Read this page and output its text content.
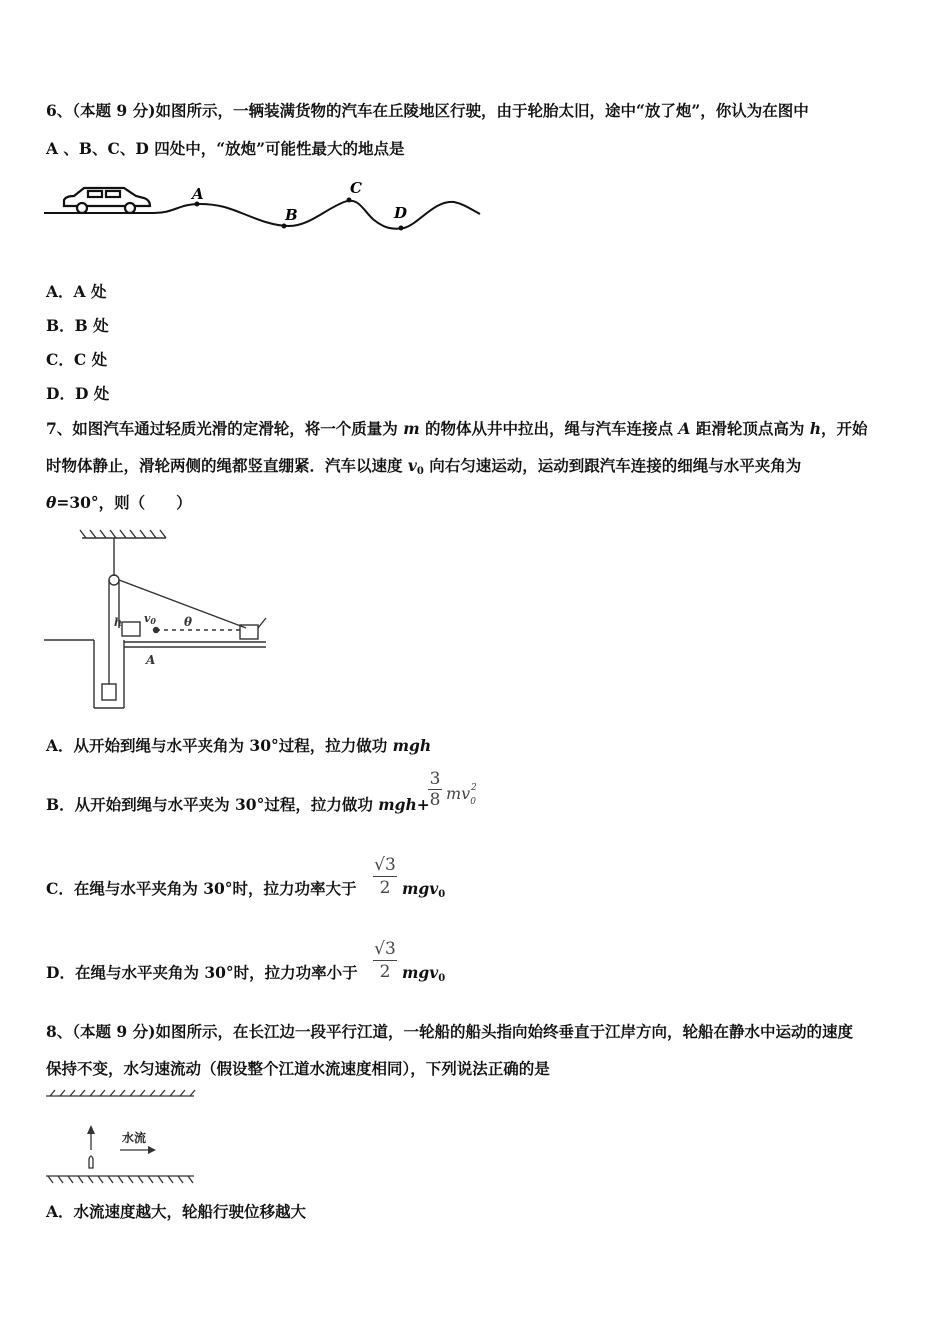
6、（本题 9 分)如图所示，一辆装满货物的汽车在丘陵地区行驶，由于轮胎太旧，途中“放了炮”，你认为在图中
A 、B、C、D 四处中，“放炮”可能性最大的地点是
A
B
C
D
A．A 处
B．B 处
C．C 处
D．D 处
7、如图汽车通过轻质光滑的定滑轮，将一个质量为 m 的物体从井中拉出，绳与汽车连接点 A 距滑轮顶点高为 h，开始
时物体静止，滑轮两侧的绳都竖直绷紧．汽车以速度 $v_0$ 向右匀速运动，运动到跟汽车连接的细绳与水平夹角为
θ=30°，则（　　）
h v0 θ
A
A．从开始到绳与水平夹角为 30°过程，拉力做功 mgh
B．从开始到绳与水平夹为 30°过程，拉力做功 mgh+
$\frac{3}{8} mv_0^2$
C．在绳与水平夹角为 30°时，拉力功率大于 $\frac{√3}{2} mgv_0$
D．在绳与水平夹角为 30°时，拉力功率小于 $\frac{√3}{2} mgv_0$
8、（本题 9 分)如图所示，在长江边一段平行江道，一轮船的船头指向始终垂直于江岸方向，轮船在静水中运动的速度
保持不变，水匀速流动（假设整个江道水流速度相同），下列说法正确的是
水流
A．水流速度越大，轮船行驶位移越大
